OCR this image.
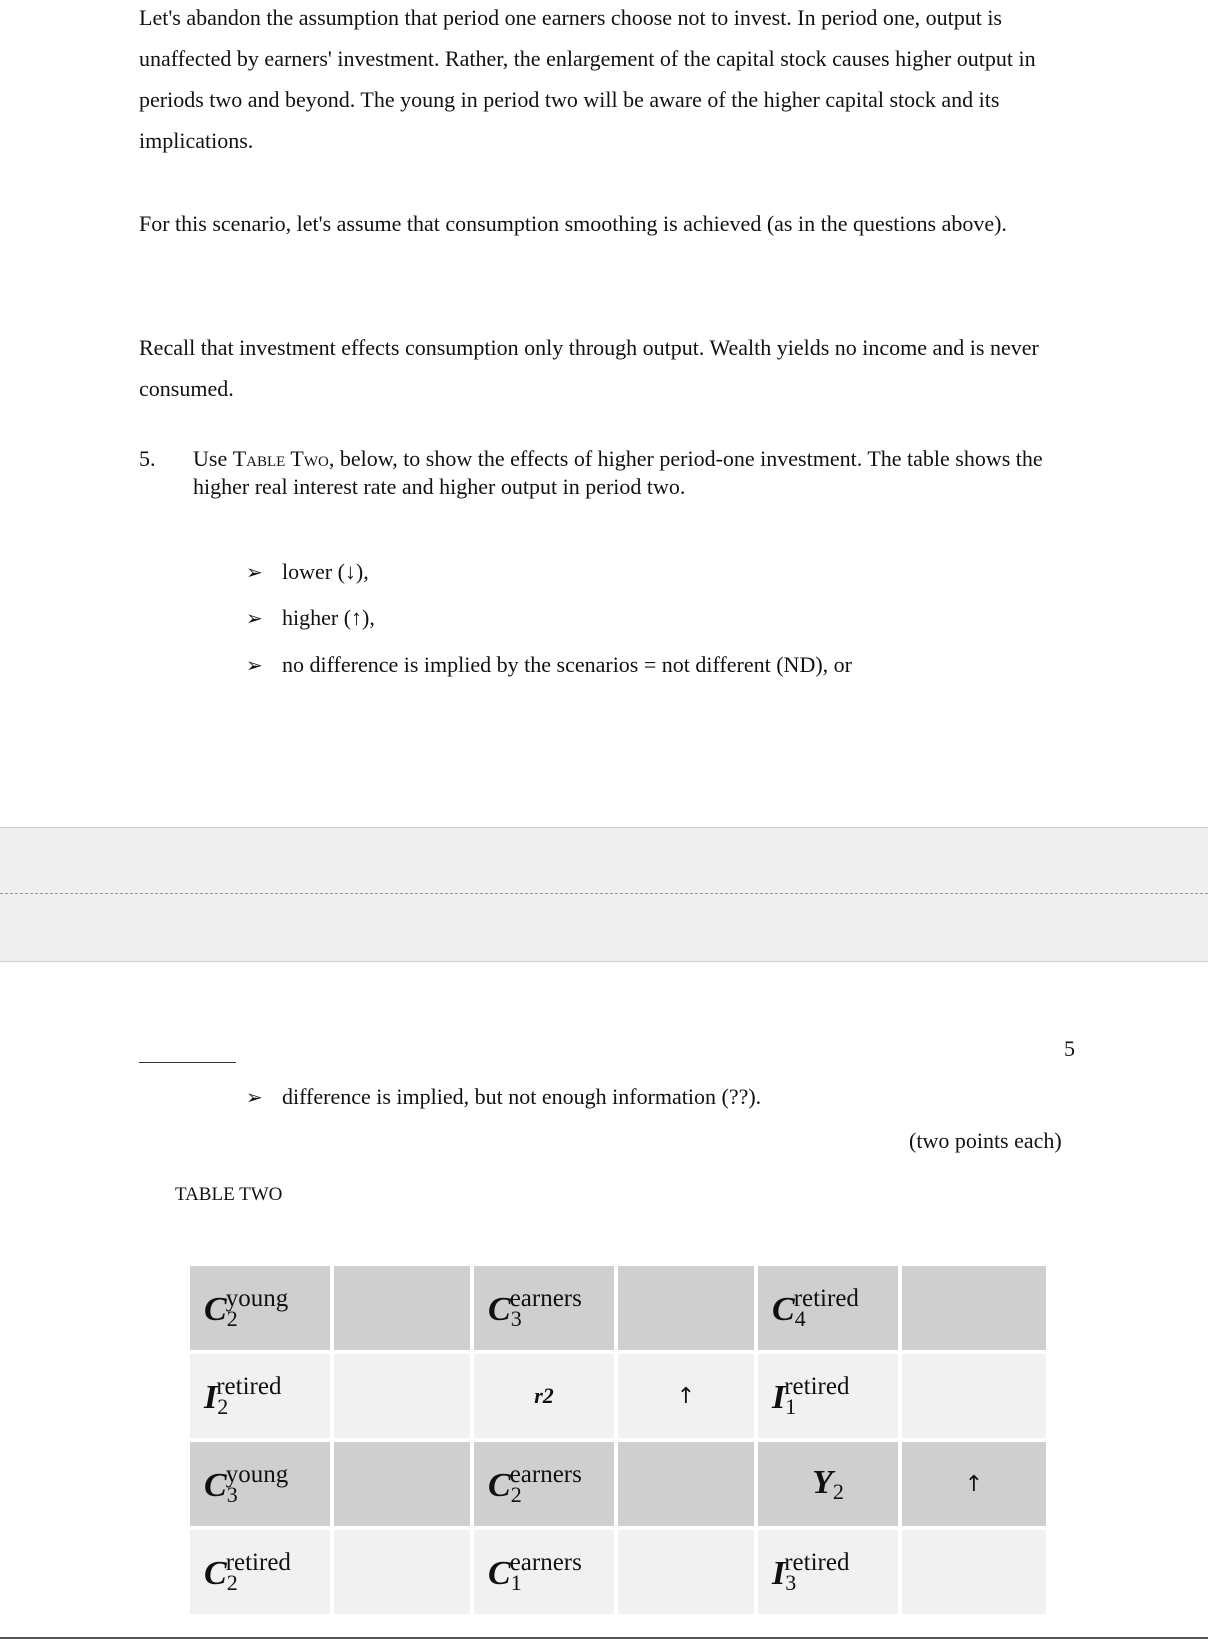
Let's abandon the assumption that period one earners choose not to invest. In period one, output is unaffected by earners' investment. Rather, the enlargement of the capital stock causes higher output in periods two and beyond. The young in period two will be aware of the higher capital stock and its implications.

For this scenario, let's assume that consumption smoothing is achieved (as in the questions above).

Recall that investment effects consumption only through output. Wealth yields no income and is never consumed.

5. Use Table Two, below, to show the effects of higher period-one investment. The table shows the higher real interest rate and higher output in period two.
➢ lower (↓),
➢ higher (↑),
➢ no difference is implied by the scenarios = not different (ND), or
5
➢ difference is implied, but not enough information (??).
(two points each)
TABLE TWO
$C_2^{young}$		$C_3^{earners}$		$C_4^{retired}$	
$I_2^{retired}$		r2	↑	$I_1^{retired}$	
$C_3^{young}$		$C_2^{earners}$		$Y_2$	↑
$C_2^{retired}$		$C_1^{earners}$		$I_3^{retired}$	
